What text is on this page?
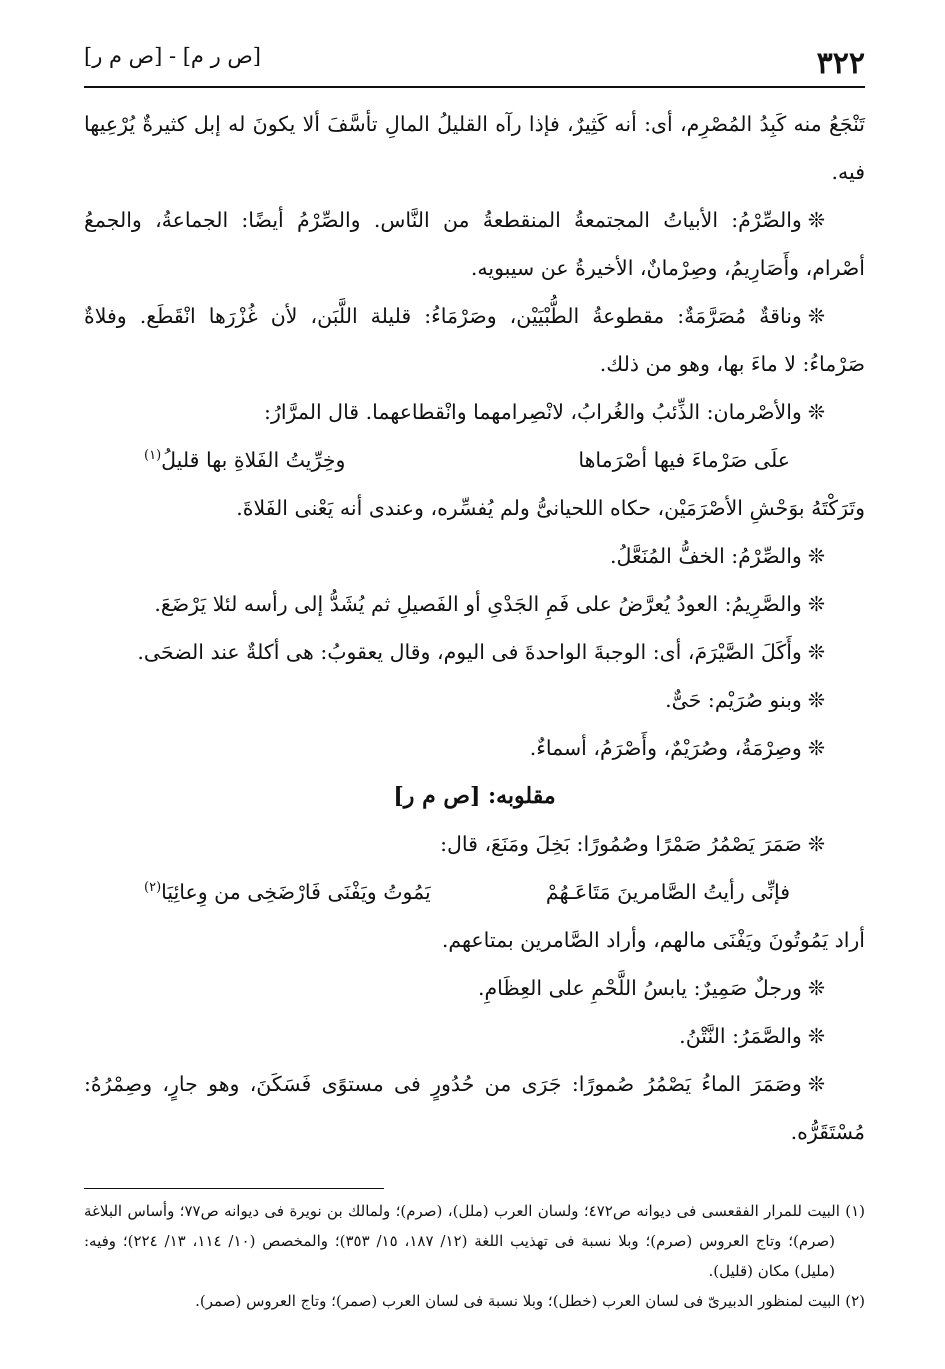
٣٢٢
[ص ر م] - [ص م ر]

تَنْجَعُ منه كَبِدُ المُصْرِم، أى: أنه كَثِيرٌ، فإذا رآه القليلُ المالِ تأسَّفَ ألا يكونَ له إبل كثيرةٌ يُرْعِيها فيه.

❊والصِّرْمُ: الأبياتُ المجتمعةُ المنقطعةُ من النَّاس. والصِّرْمُ أيضًا: الجماعةُ، والجمعُ أصْرام، وأَصَارِيمُ، وصِرْمانٌ، الأخيرةُ عن سيبويه.

❊وناقةٌ مُصَرَّمَةٌ: مقطوعةُ الطُّبْيَيْن، وصَرْمَاءُ: قليلة اللَّبَن، لأن غُزْرَها انْقَطَع. وفلاةٌ صَرْماءُ: لا ماءَ بها، وهو من ذلك.

❊والأصْرمان: الذِّئبُ والغُرابُ، لانْصِرامهما وانْقطاعهما. قال المرَّارُ:

علَى صَرْماءَ فيها أصْرَماها
وخِرِّيتُ الفَلاةِ بها قليلُ$^{(١)}$

وتَرَكْتَهُ بوَحْشِ الأصْرَمَيْن، حكاه اللحيانىُّ ولم يُفسِّره، وعندى أنه يَعْنى الفَلاةَ.

❊والصِّرْمُ: الخفُّ المُنَعَّلُ.

❊والصَّرِيمُ: العودُ يُعرَّضُ على فَمِ الجَدْىِ أو الفَصيلِ ثم يُشَدُّ إلى رأسه لئلا يَرْضَعَ.

❊وأَكَلَ الصَّيْرَمَ، أى: الوجبةَ الواحدةَ فى اليوم، وقال يعقوبُ: هى أكلةٌ عند الضحَى.

❊وبنو صُرَيْم: حَىٌّ.

❊وصِرْمَةُ، وصُرَيْمٌ، وأَصْرَمُ، أسماءٌ.

مقلوبه: [ص م ر]

❊صَمَرَ يَصْمُرُ صَمْرًا وصُمُورًا: بَخِلَ ومَنَعَ، قال:

فإنِّى رأيتُ الصَّامرينَ مَتَاعَـهُمْ
يَمُوتُ ويَفْنَى فَارْضَخِى من وِعائِيَا$^{(٢)}$

أراد يَمُوتُونَ ويَفْنَى مالهم، وأراد الصَّامرين بمتاعهم.

❊ورجلٌ صَمِيرٌ: يابسُ اللَّحْمِ على العِظَامِ.

❊والصَّمَرُ: النَّتْنُ.

❊وصَمَرَ الماءُ يَصْمُرُ صُمورًا: جَرَى من حُدُورٍ فى مستوًى فَسَكَنَ، وهو جارٍ، وصِمْرُهُ: مُسْتَقَرُّه.

(١) البيت للمرار الفقعسى فى ديوانه ص٤٧٢؛ ولسان العرب (ملل)، (صرم)؛ ولمالك بن نويرة فى ديوانه ص٧٧؛ وأساس البلاغة (صرم)؛ وتاج العروس (صرم)؛ وبلا نسبة فى تهذيب اللغة (١٢/ ١٨٧، ١٥/ ٣٥٣)؛ والمخصص (١٠/ ١١٤، ١٣/ ٢٢٤)؛ وفيه: (مليل) مكان (قليل).

(٢) البيت لمنظور الدبيرىّ فى لسان العرب (خطل)؛ وبلا نسبة فى لسان العرب (صمر)؛ وتاج العروس (صمر).
